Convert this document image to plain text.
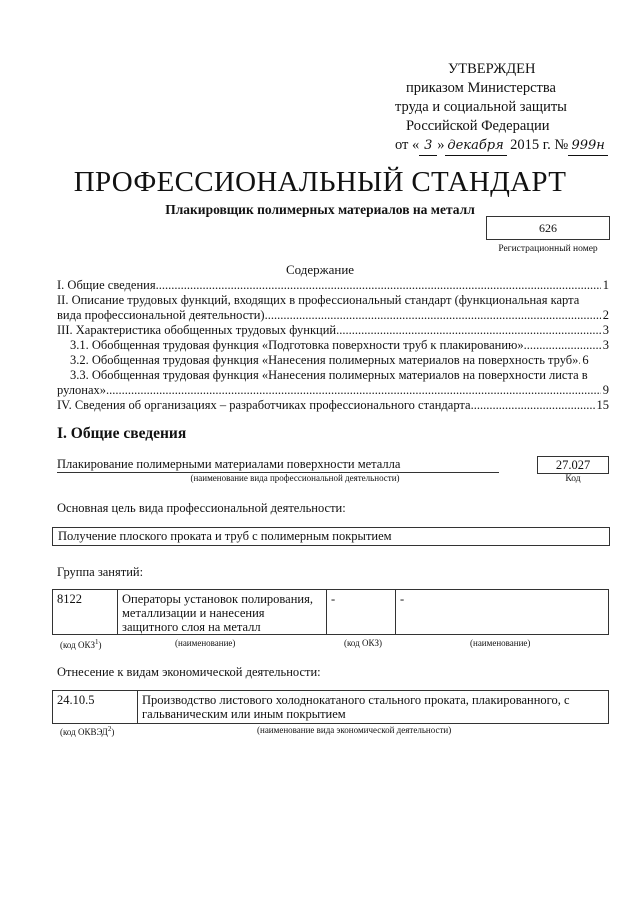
УТВЕРЖДЕН
приказом Министерства
труда и социальной защиты
Российской Федерации
от « 3 » декабря 2015 г. № 999н
ПРОФЕССИОНАЛЬНЫЙ СТАНДАРТ
Плакировщик полимерных материалов на металл
626
Регистрационный номер
Содержание
I. Общие сведения .....	1
II. Описание трудовых функций, входящих в профессиональный стандарт (функциональная карта
вида профессиональной деятельности) .....	2
III. Характеристика обобщенных трудовых функций .....	3
3.1. Обобщенная трудовая функция «Подготовка поверхности труб к плакированию» .....	3
3.2. Обобщенная трудовая функция «Нанесения полимерных материалов на поверхность труб» ..... 6
3.3. Обобщенная трудовая функция «Нанесения полимерных материалов на поверхности листа в
рулонах» .....	9
IV. Сведения об организациях – разработчиках профессионального стандарта .....	15
I. Общие сведения
Плакирование полимерными материалами поверхности металла
(наименование вида профессиональной деятельности)
27.027
Код
Основная цель вида профессиональной деятельности:
Получение плоского проката и труб с полимерным покрытием
Группа занятий:
8122	Операторы установок полирования,
металлизации и нанесения
защитного слоя на металл
	-	-
(код ОКЗ$^1$)	(наименование)	(код ОКЗ)	(наименование)
Отнесение к видам экономической деятельности:
24.10.5	Производство листового холоднокатаного стального проката, плакированного, с
гальваническим или иным покрытием
(код ОКВЭД$^2$)	(наименование вида экономической деятельности)
